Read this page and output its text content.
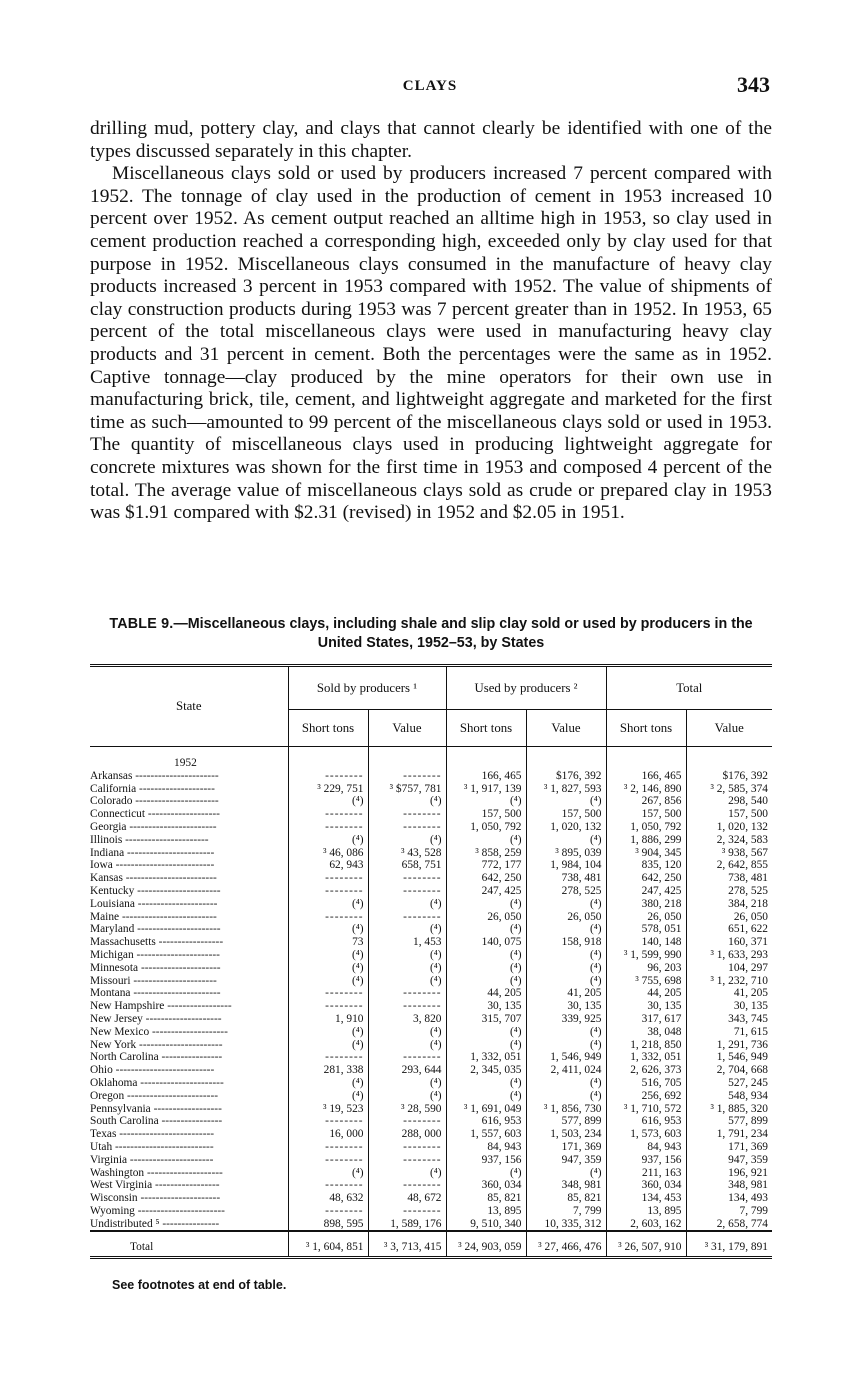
CLAYS	343

drilling mud, pottery clay, and clays that cannot clearly be identified with one of the types discussed separately in this chapter.

Miscellaneous clays sold or used by producers increased 7 percent compared with 1952. The tonnage of clay used in the production of cement in 1953 increased 10 percent over 1952. As cement output reached an alltime high in 1953, so clay used in cement production reached a corresponding high, exceeded only by clay used for that purpose in 1952. Miscellaneous clays consumed in the manufacture of heavy clay products increased 3 percent in 1953 compared with 1952. The value of shipments of clay construction products during 1953 was 7 percent greater than in 1952. In 1953, 65 percent of the total miscellaneous clays were used in manufacturing heavy clay products and 31 percent in cement. Both the percentages were the same as in 1952. Captive tonnage—clay produced by the mine operators for their own use in manufacturing brick, tile, cement, and lightweight aggregate and marketed for the first time as such—amounted to 99 percent of the miscellaneous clays sold or used in 1953. The quantity of miscellaneous clays used in producing lightweight aggregate for concrete mixtures was shown for the first time in 1953 and composed 4 percent of the total. The average value of miscellaneous clays sold as crude or prepared clay in 1953 was $1.91 compared with $2.31 (revised) in 1952 and $2.05 in 1951.

TABLE 9.—Miscellaneous clays, including shale and slip clay sold or used by producers in the United States, 1952–53, by States
State	Sold by producers ¹		Used by producers ²		Total	
	Short tons	Value	Short tons	Value	Short tons	Value
1952						
Arkansas ----------------------	--------	--------	166, 465	$176, 392	166, 465	$176, 392
California --------------------	³ 229, 751	³ $757, 781	³ 1, 917, 139	³ 1, 827, 593	³ 2, 146, 890	³ 2, 585, 374
Colorado ----------------------	(⁴)	(⁴)	(⁴)	(⁴)	267, 856	298, 540
Connecticut -------------------	--------	--------	157, 500	157, 500	157, 500	157, 500
Georgia -----------------------	--------	--------	1, 050, 792	1, 020, 132	1, 050, 792	1, 020, 132
Illinois ----------------------	(⁴)	(⁴)	(⁴)	(⁴)	1, 886, 299	2, 324, 583
Indiana -----------------------	³ 46, 086	³ 43, 528	³ 858, 259	³ 895, 039	³ 904, 345	³ 938, 567
Iowa --------------------------	62, 943	658, 751	772, 177	1, 984, 104	835, 120	2, 642, 855
Kansas ------------------------	--------	--------	642, 250	738, 481	642, 250	738, 481
Kentucky ----------------------	--------	--------	247, 425	278, 525	247, 425	278, 525
Louisiana ---------------------	(⁴)	(⁴)	(⁴)	(⁴)	380, 218	384, 218
Maine -------------------------	--------	--------	26, 050	26, 050	26, 050	26, 050
Maryland ----------------------	(⁴)	(⁴)	(⁴)	(⁴)	578, 051	651, 622
Massachusetts -----------------	73	1, 453	140, 075	158, 918	140, 148	160, 371
Michigan ----------------------	(⁴)	(⁴)	(⁴)	(⁴)	³ 1, 599, 990	³ 1, 633, 293
Minnesota ---------------------	(⁴)	(⁴)	(⁴)	(⁴)	96, 203	104, 297
Missouri ----------------------	(⁴)	(⁴)	(⁴)	(⁴)	³ 755, 698	³ 1, 232, 710
Montana -----------------------	--------	--------	44, 205	41, 205	44, 205	41, 205
New Hampshire -----------------	--------	--------	30, 135	30, 135	30, 135	30, 135
New Jersey --------------------	1, 910	3, 820	315, 707	339, 925	317, 617	343, 745
New Mexico --------------------	(⁴)	(⁴)	(⁴)	(⁴)	38, 048	71, 615
New York ----------------------	(⁴)	(⁴)	(⁴)	(⁴)	1, 218, 850	1, 291, 736
North Carolina ----------------	--------	--------	1, 332, 051	1, 546, 949	1, 332, 051	1, 546, 949
Ohio --------------------------	281, 338	293, 644	2, 345, 035	2, 411, 024	2, 626, 373	2, 704, 668
Oklahoma ----------------------	(⁴)	(⁴)	(⁴)	(⁴)	516, 705	527, 245
Oregon ------------------------	(⁴)	(⁴)	(⁴)	(⁴)	256, 692	548, 934
Pennsylvania ------------------	³ 19, 523	³ 28, 590	³ 1, 691, 049	³ 1, 856, 730	³ 1, 710, 572	³ 1, 885, 320
South Carolina ----------------	--------	--------	616, 953	577, 899	616, 953	577, 899
Texas -------------------------	16, 000	288, 000	1, 557, 603	1, 503, 234	1, 573, 603	1, 791, 234
Utah --------------------------	--------	--------	84, 943	171, 369	84, 943	171, 369
Virginia ----------------------	--------	--------	937, 156	947, 359	937, 156	947, 359
Washington --------------------	(⁴)	(⁴)	(⁴)	(⁴)	211, 163	196, 921
West Virginia -----------------	--------	--------	360, 034	348, 981	360, 034	348, 981
Wisconsin ---------------------	48, 632	48, 672	85, 821	85, 821	134, 453	134, 493
Wyoming -----------------------	--------	--------	13, 895	7, 799	13, 895	7, 799
Undistributed ⁵ ---------------	898, 595	1, 589, 176	9, 510, 340	10, 335, 312	2, 603, 162	2, 658, 774
Total	³ 1, 604, 851	³ 3, 713, 415	³ 24, 903, 059	³ 27, 466, 476	³ 26, 507, 910	³ 31, 179, 891

See footnotes at end of table.
